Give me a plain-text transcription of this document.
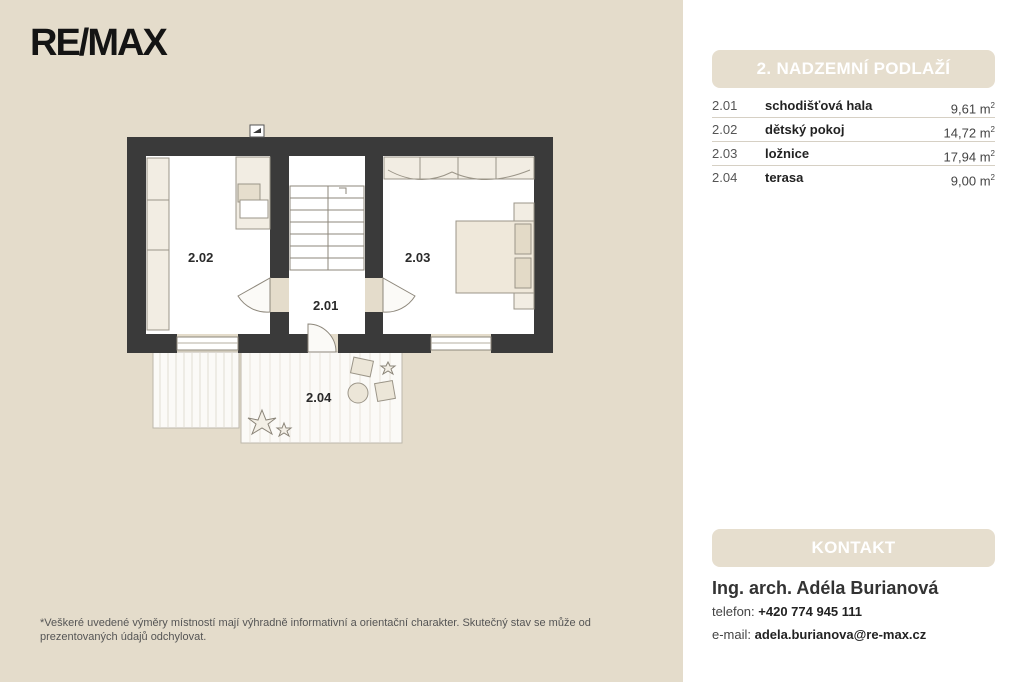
RE/MAX
2.02
2.01
2.03
2.04
*Veškeré uvedené výměry místností mají výhradně informativní a orientační charakter. Skutečný stav se může od prezentovaných údajů odchylovat.
2. NADZEMNÍ PODLAŽÍ
2.01 schodišťová hala	9,61 $m^2$
2.02 dětský pokoj	14,72 $m^2$
2.03 ložnice	17,94 $m^2$
2.04 terasa	9,00 $m^2$
KONTAKT
Ing. arch. Adéla Burianová
telefon: +420 774 945 111
e-mail: adela.burianova@re-max.cz
